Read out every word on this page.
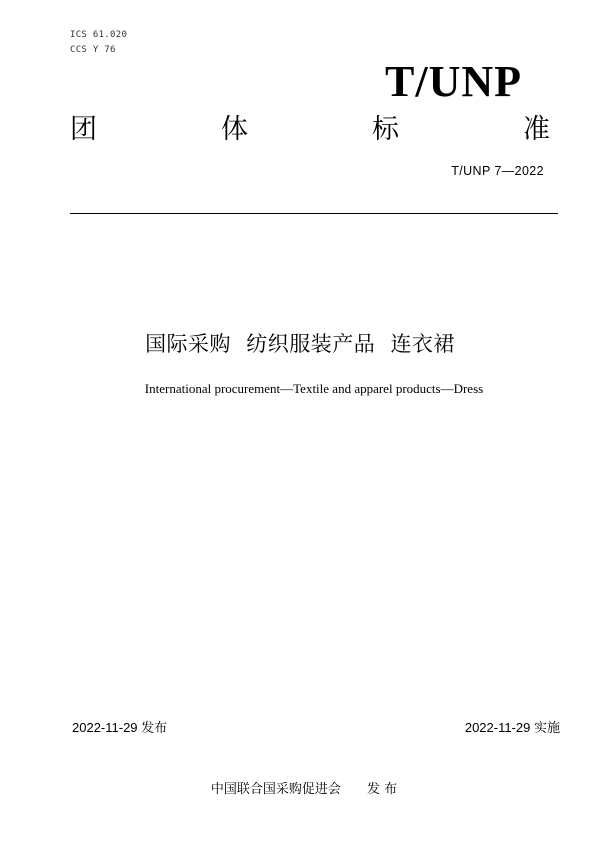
ICS 61.020
CCS Y 76
T/UNP
团	体	标	准
T/UNP 7—2022
国际采购 纺织服装产品 连衣裙
International procurement—Textile and apparel products—Dress
2022-11-29 发布	2022-11-29 实施
中国联合国采购促进会 发 布
